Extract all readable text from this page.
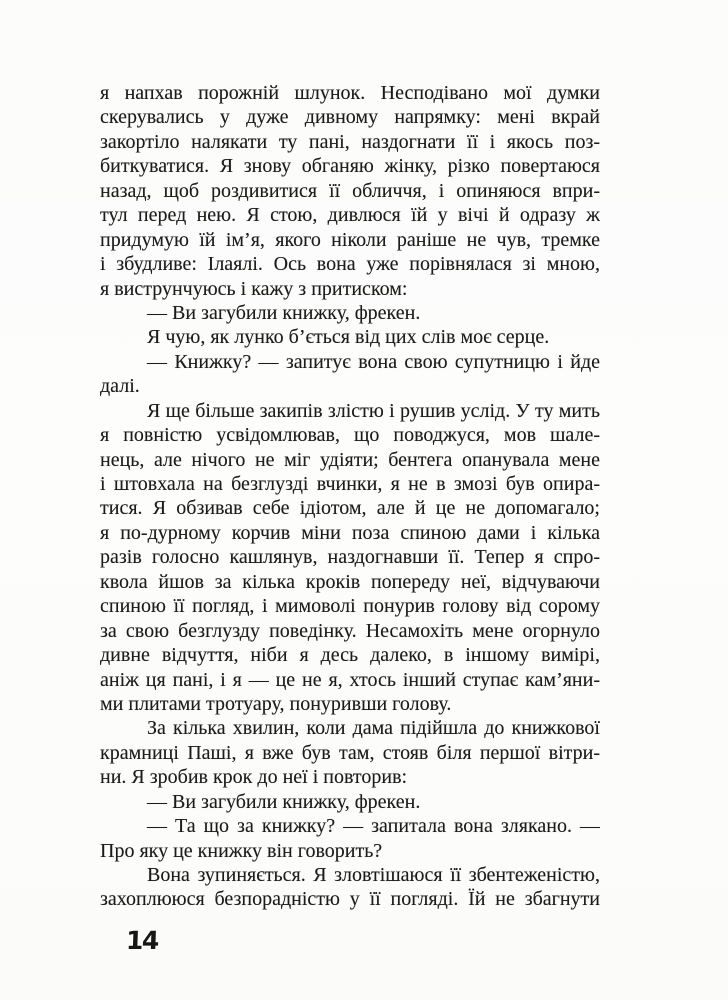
я напхав порожній шлунок. Несподівано мої думки
скерувались у дуже дивному напрямку: мені вкрай
закортіло налякати ту пані, наздогнати її і якось поз-
биткуватися. Я знову обганяю жінку, різко повертаюся
назад, щоб роздивитися її обличчя, і опиняюся впри-
тул перед нею. Я стою, дивлюся їй у вічі й одразу ж
придумую їй ім’я, якого ніколи раніше не чув, тремке
і збудливе: Ілаялі. Ось вона уже порівнялася зі мною,
я виструнчуюсь і кажу з притиском:
— Ви загубили книжку, фрекен.
Я чую, як лунко б’ється від цих слів моє серце.
— Книжку? — запитує вона свою супутницю і йде
далі.
Я ще більше закипів злістю і рушив услід. У ту мить
я повністю усвідомлював, що поводжуся, мов шале-
нець, але нічого не міг удіяти; бентега опанувала мене
і штовхала на безглузді вчинки, я не в змозі був опира-
тися. Я обзивав себе ідіотом, але й це не допомагало;
я по-дурному корчив міни поза спиною дами і кілька
разів голосно кашлянув, наздогнавши її. Тепер я спро-
квола йшов за кілька кроків попереду неї, відчуваючи
спиною її погляд, і мимоволі понурив голову від сорому
за свою безглузду поведінку. Несамохіть мене огорнуло
дивне відчуття, ніби я десь далеко, в іншому вимірі,
аніж ця пані, і я — це не я, хтось інший ступає кам’яни-
ми плитами тротуару, понуривши голову.
За кілька хвилин, коли дама підійшла до книжкової
крамниці Паші, я вже був там, стояв біля першої вітри-
ни. Я зробив крок до неї і повторив:
— Ви загубили книжку, фрекен.
— Та що за книжку? — запитала вона злякано. —
Про яку це книжку він говорить?
Вона зупиняється. Я зловтішаюся її збентеженістю,
захоплююся безпорадністю у її погляді. Їй не збагнути
14
